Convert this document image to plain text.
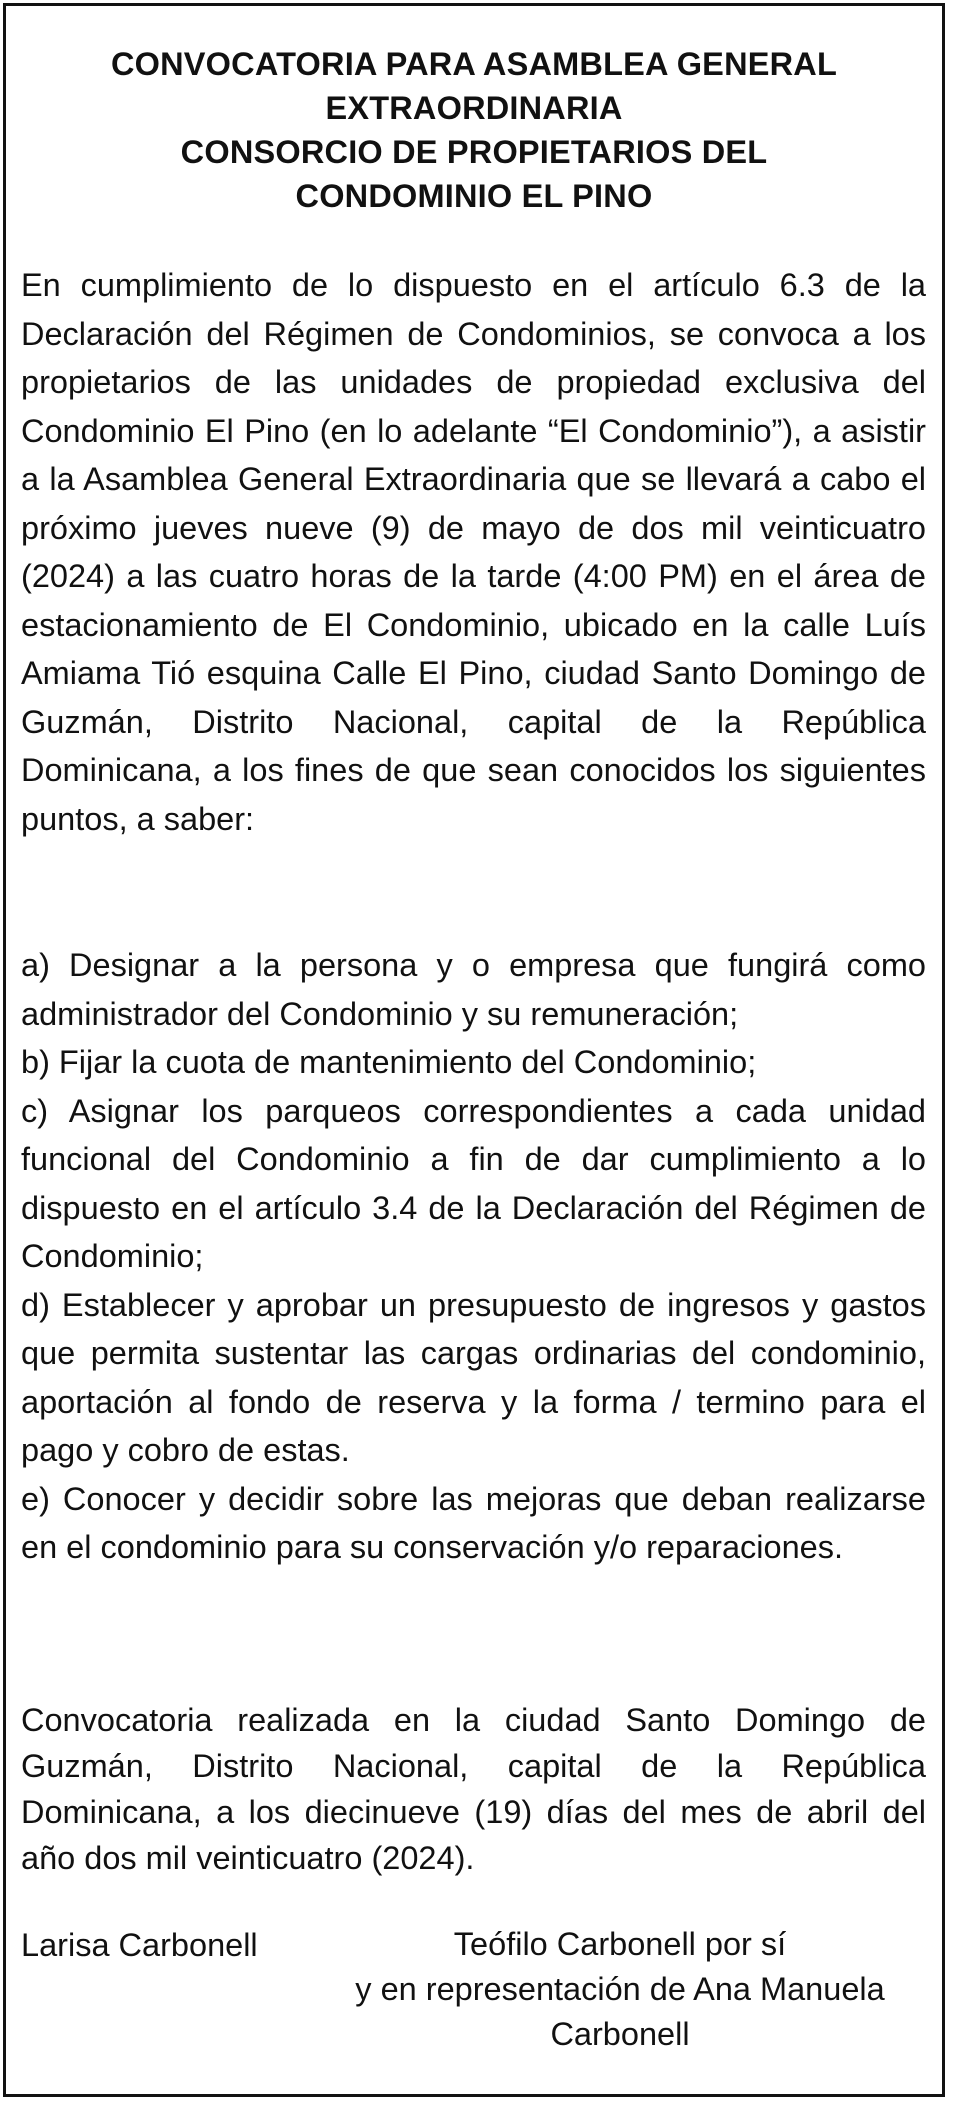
CONVOCATORIA PARA ASAMBLEA GENERAL
EXTRAORDINARIA
CONSORCIO DE PROPIETARIOS DEL
CONDOMINIO EL PINO
En cumplimiento de lo dispuesto en el artículo 6.3 de la Declaración del Régimen de Condominios, se convoca a los propietarios de las unidades de propiedad exclusiva del Condominio El Pino (en lo adelante “El Condominio”), a asistir a la Asamblea General Extraordinaria que se llevará a cabo el próximo jueves nueve (9) de mayo de dos mil veinticuatro (2024) a las cuatro horas de la tarde (4:00 PM) en el área de estacionamiento de El Condominio, ubicado en la calle Luís Amiama Tió esquina Calle El Pino, ciudad Santo Domingo de Guzmán, Distrito Nacional, capital de la República Dominicana, a los fines de que sean conocidos los siguientes puntos, a saber:
a) Designar a la persona y o empresa que fungirá como administrador del Condominio y su remuneración;
b) Fijar la cuota de mantenimiento del Condominio;
c) Asignar los parqueos correspondientes a cada unidad funcional del Condominio a fin de dar cumplimiento a lo dispuesto en el artículo 3.4 de la Declaración del Régimen de Condominio;
d) Establecer y aprobar un presupuesto de ingresos y gastos que permita sustentar las cargas ordinarias del condominio, aportación al fondo de reserva y la forma / termino para el pago y cobro de estas.
e) Conocer y decidir sobre las mejoras que deban realizarse en el condominio para su conservación y/o reparaciones.
Convocatoria realizada en la ciudad Santo Domingo de Guzmán, Distrito Nacional, capital de la República Dominicana, a los diecinueve (19) días del mes de abril del año dos mil veinticuatro (2024).
Larisa Carbonell	Teófilo Carbonell por sí
y en representación de Ana Manuela
Carbonell
